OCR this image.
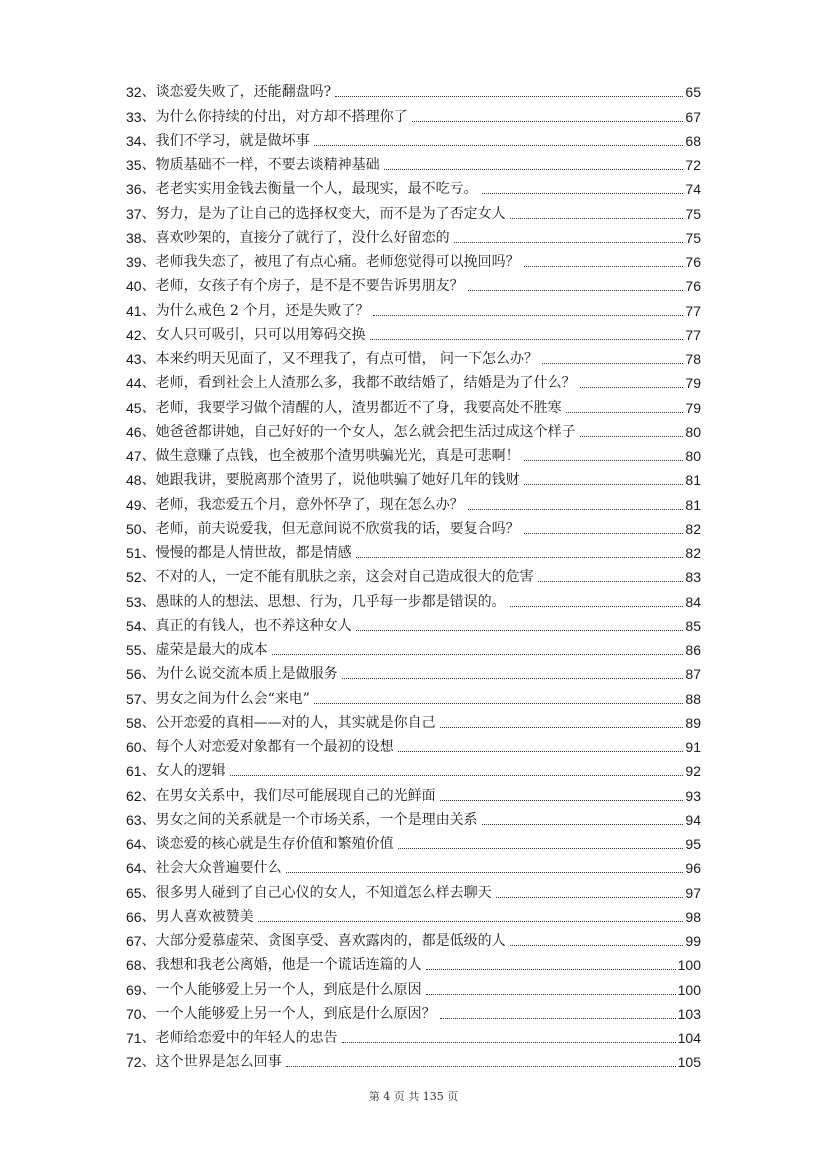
32 、 谈恋爱失败了，还能翻盘吗?	65
33 、 为什么你持续的付出，对方却不搭理你了	67
34 、 我们不学习，就是做坏事	68
35 、 物质基础不一样，不要去谈精神基础	72
36 、 老老实实用金钱去衡量一个人，最现实，最不吃亏。	74
37 、 努力，是为了让自己的选择权变大，而不是为了否定女人	75
38 、 喜欢吵架的，直接分了就行了，没什么好留恋的	75
39 、 老师我失恋了，被甩了有点心痛。老师您觉得可以挽回吗？	76
40 、 老师，女孩子有个房子，是不是不要告诉男朋友？	76
41 、 为什么戒色 2 个月，还是失败了？	77
42 、 女人只可吸引，只可以用筹码交换	77
43 、 本来约明天见面了，又不理我了，有点可惜， 问一下怎么办？	78
44 、 老师，看到社会上人渣那么多，我都不敢结婚了，结婚是为了什么？	79
45 、 老师，我要学习做个清醒的人，渣男都近不了身，我要高处不胜寒	79
46 、 她爸爸都讲她，自己好好的一个女人，怎么就会把生活过成这个样子	80
47 、 做生意赚了点钱，也全被那个渣男哄骗光光，真是可悲啊！	80
48 、 她跟我讲，要脱离那个渣男了，说他哄骗了她好几年的钱财	81
49 、 老师，我恋爱五个月，意外怀孕了，现在怎么办？	81
50 、 老师，前夫说爱我，但无意间说不欣赏我的话，要复合吗？	82
51 、 慢慢的都是人情世故，都是情感	82
52 、 不对的人，一定不能有肌肤之亲，这会对自己造成很大的危害	83
53 、 愚昧的人的想法、思想、行为，几乎每一步都是错误的。	84
54 、 真正的有钱人，也不养这种女人	85
55 、 虚荣是最大的成本	86
56 、 为什么说交流本质上是做服务	87
57 、 男女之间为什么会“来电”	88
58 、 公开恋爱的真相——对的人，其实就是你自己	89
60 、 每个人对恋爱对象都有一个最初的设想	91
61 、 女人的逻辑	92
62 、 在男女关系中，我们尽可能展现自己的光鲜面	93
63 、 男女之间的关系就是一个市场关系，一个是理由关系	94
64 、 谈恋爱的核心就是生存价值和繁殖价值	95
64 、 社会大众普遍要什么	96
65 、 很多男人碰到了自己心仪的女人，不知道怎么样去聊天	97
66 、 男人喜欢被赞美	98
67 、 大部分爱慕虚荣、贪图享受、喜欢露肉的，都是低级的人	99
68 、 我想和我老公离婚，他是一个谎话连篇的人	100
69 、 一个人能够爱上另一个人，到底是什么原因	100
70 、 一个人能够爱上另一个人，到底是什么原因？	103
71 、 老师给恋爱中的年轻人的忠告	104
72 、 这个世界是怎么回事	105
第 4 页 共 135 页
